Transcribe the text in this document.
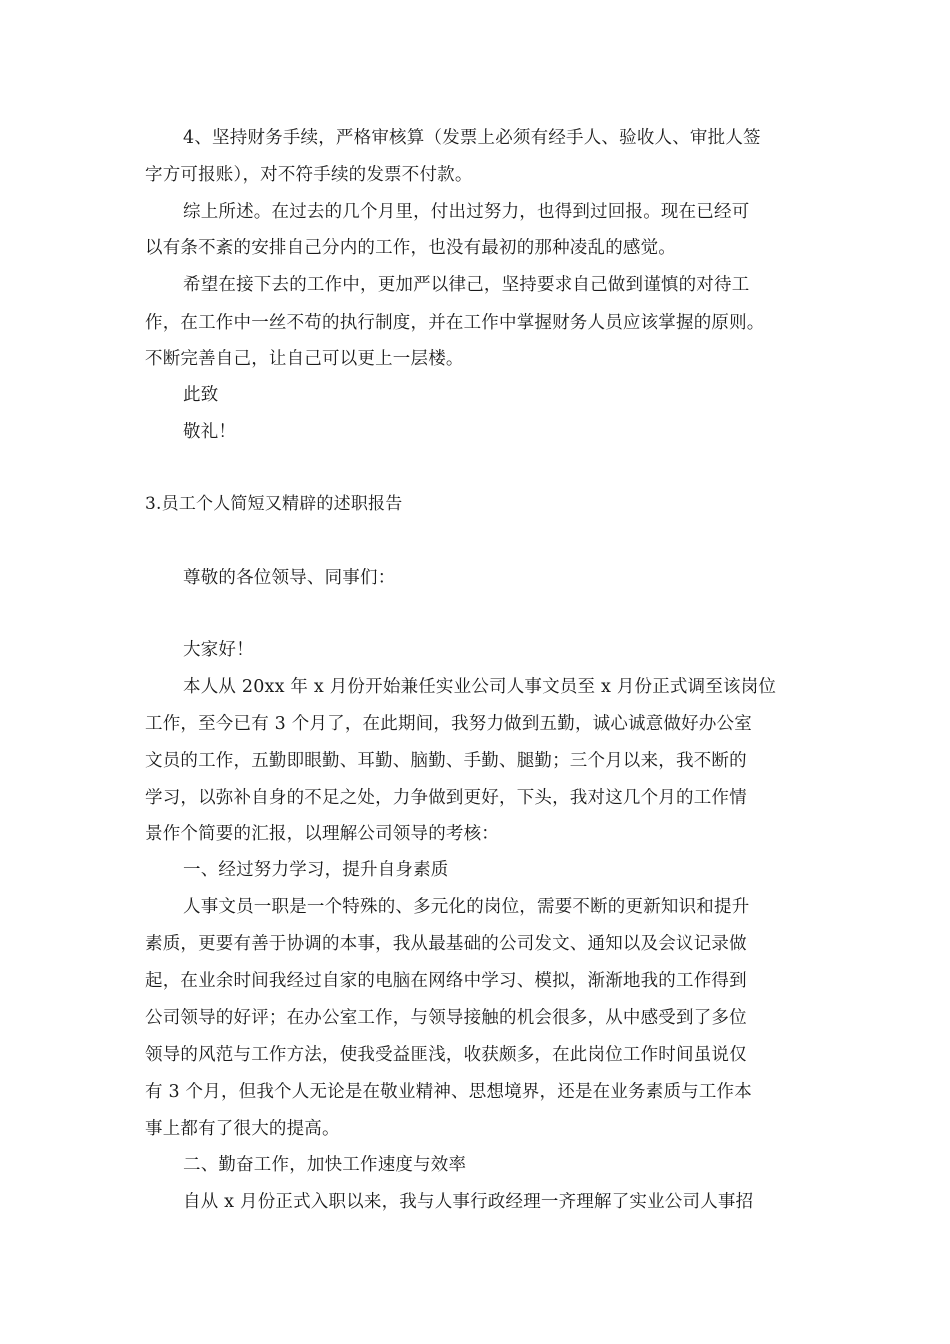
4、坚持财务手续，严格审核算（发票上必须有经手人、验收人、审批人签
字方可报账），对不符手续的发票不付款。
综上所述。在过去的几个月里，付出过努力，也得到过回报。现在已经可
以有条不紊的安排自己分内的工作，也没有最初的那种凌乱的感觉。
希望在接下去的工作中，更加严以律己，坚持要求自己做到谨慎的对待工
作，在工作中一丝不苟的执行制度，并在工作中掌握财务人员应该掌握的原则。
不断完善自己，让自己可以更上一层楼。
此致
敬礼！
3.员工个人简短又精辟的述职报告
尊敬的各位领导、同事们：
大家好！
本人从 20xx 年 x 月份开始兼任实业公司人事文员至 x 月份正式调至该岗位
工作，至今已有 3 个月了，在此期间，我努力做到五勤，诚心诚意做好办公室
文员的工作，五勤即眼勤、耳勤、脑勤、手勤、腿勤；三个月以来，我不断的
学习，以弥补自身的不足之处，力争做到更好，下头，我对这几个月的工作情
景作个简要的汇报，以理解公司领导的考核：
一、经过努力学习，提升自身素质
人事文员一职是一个特殊的、多元化的岗位，需要不断的更新知识和提升
素质，更要有善于协调的本事，我从最基础的公司发文、通知以及会议记录做
起，在业余时间我经过自家的电脑在网络中学习、模拟，渐渐地我的工作得到
公司领导的好评；在办公室工作，与领导接触的机会很多，从中感受到了多位
领导的风范与工作方法，使我受益匪浅，收获颇多，在此岗位工作时间虽说仅
有 3 个月，但我个人无论是在敬业精神、思想境界，还是在业务素质与工作本
事上都有了很大的提高。
二、勤奋工作，加快工作速度与效率
自从 x 月份正式入职以来，我与人事行政经理一齐理解了实业公司人事招
